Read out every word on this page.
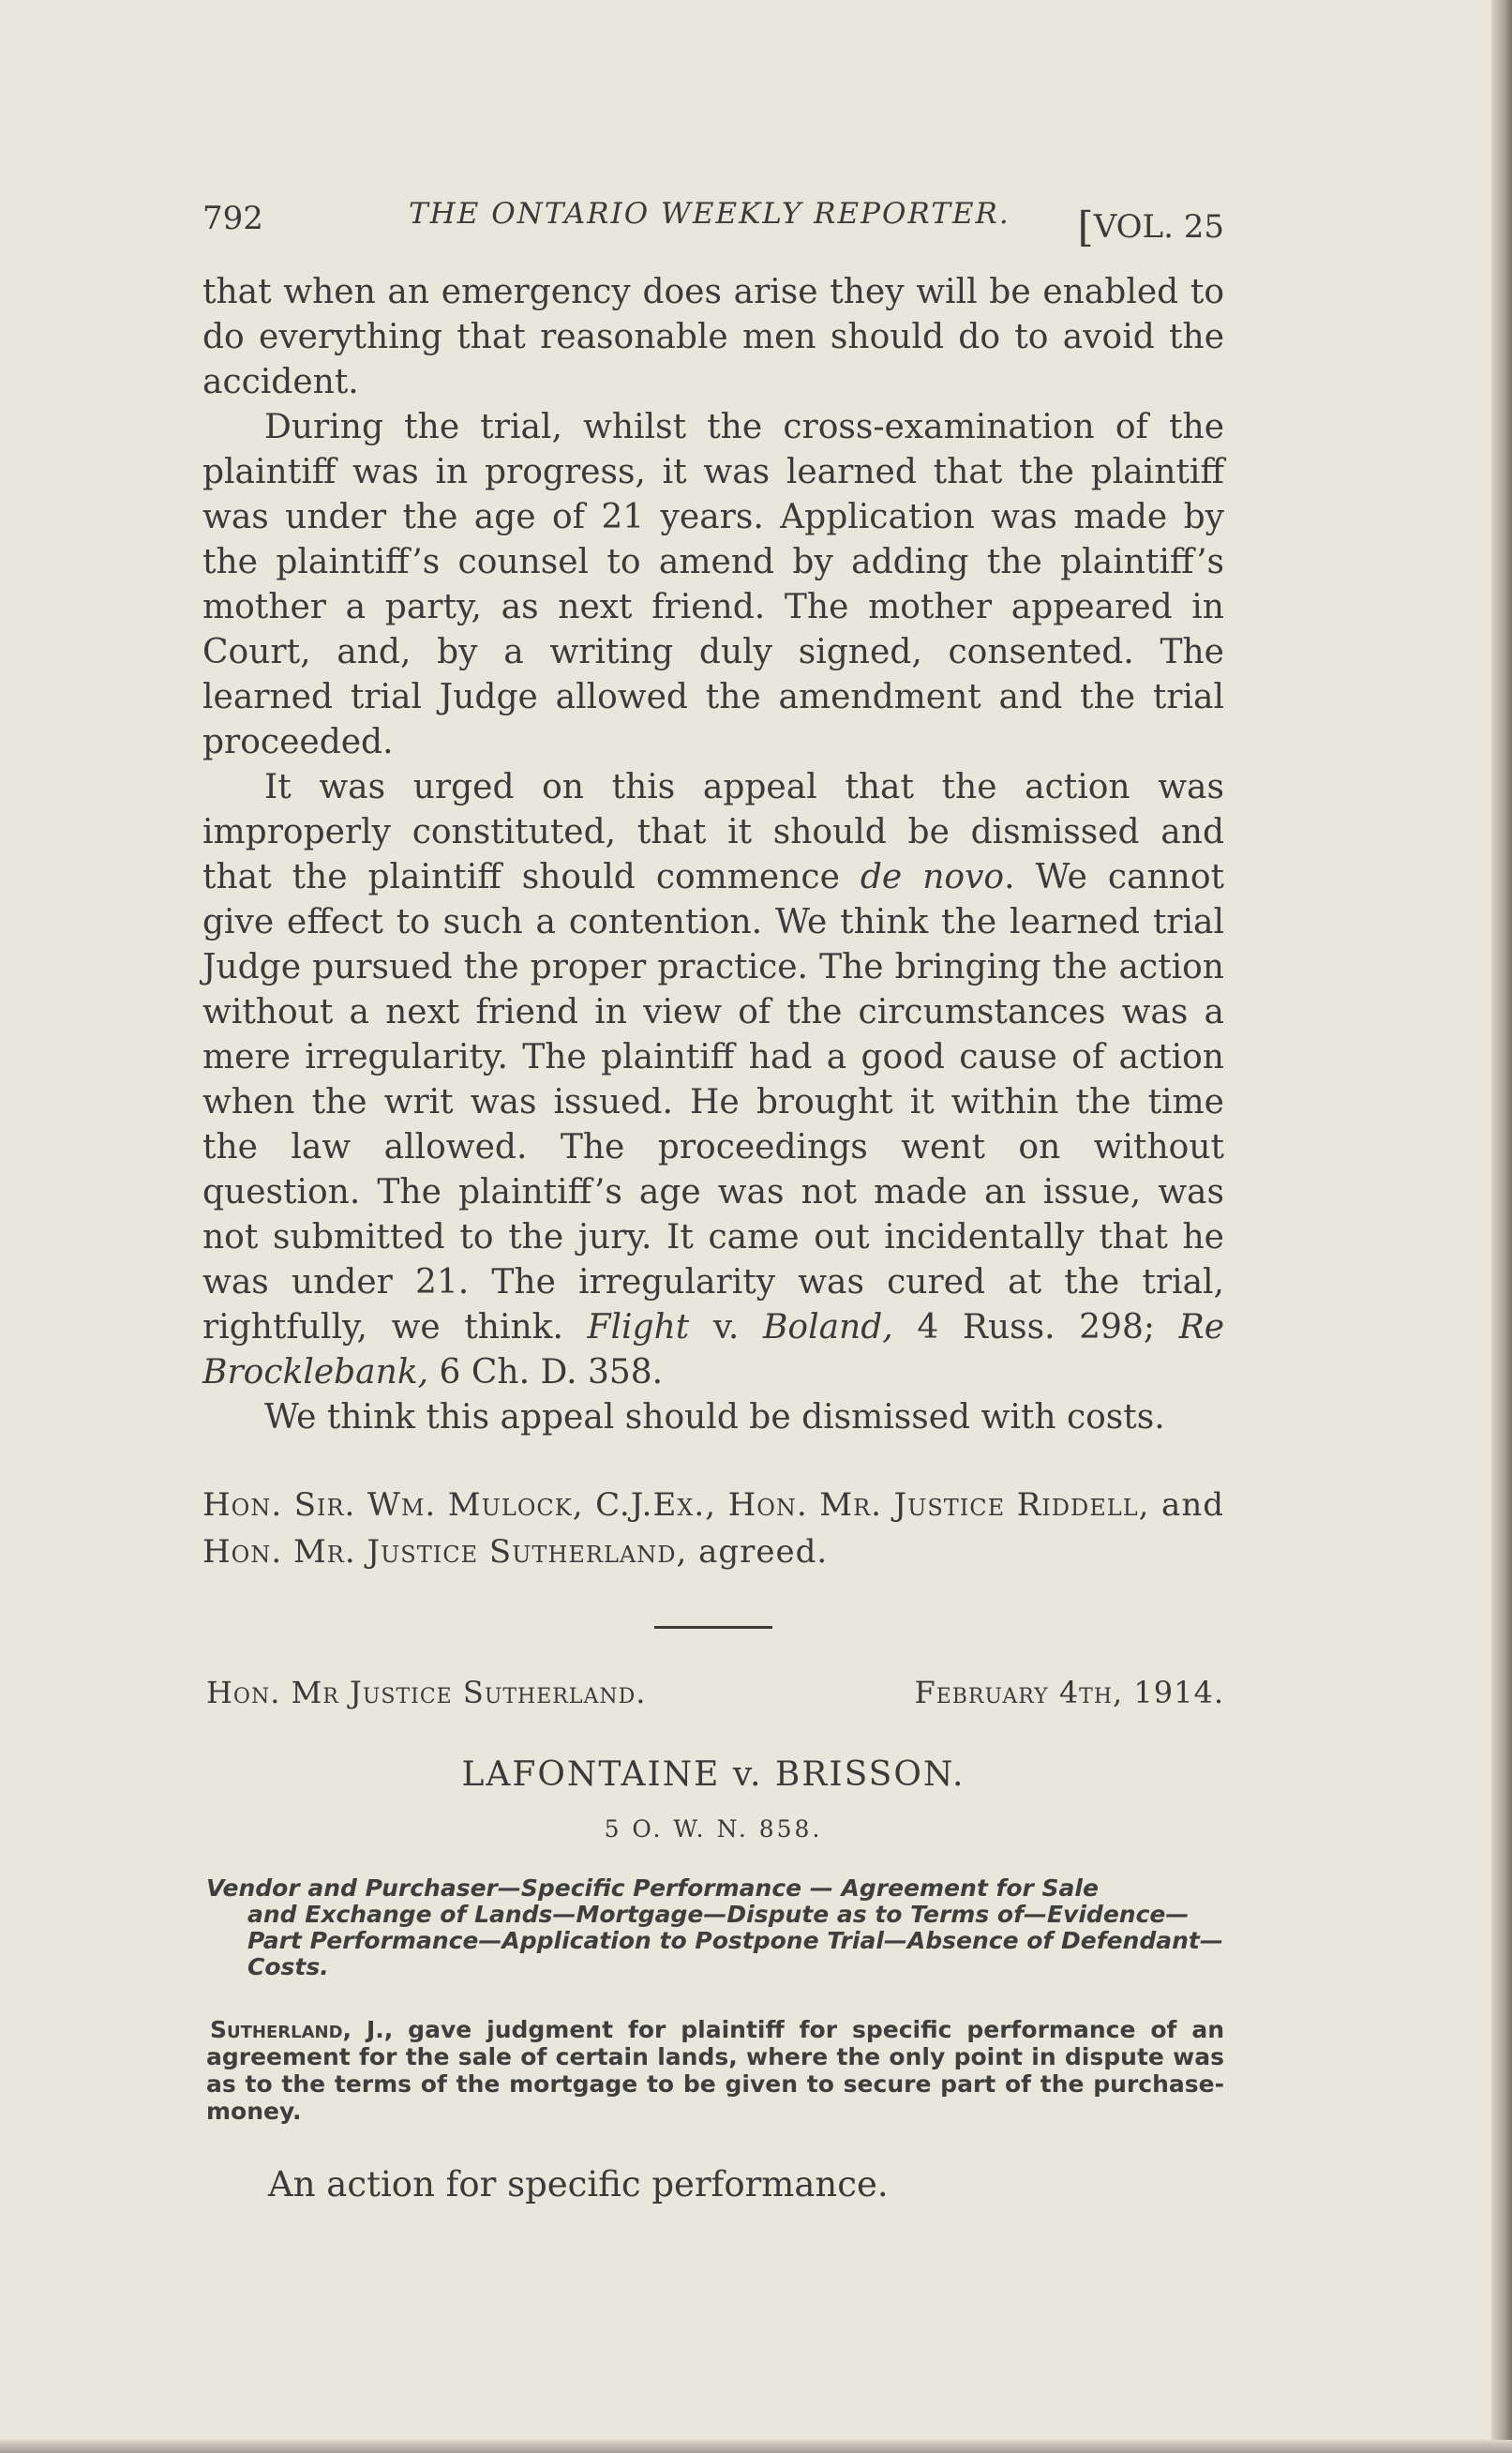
792	THE ONTARIO WEEKLY REPORTER. [VOL. 25

that when an emergency does arise they will be enabled to do everything that reasonable men should do to avoid the accident.

During the trial, whilst the cross-examination of the plaintiff was in progress, it was learned that the plaintiff was under the age of 21 years. Application was made by the plaintiff’s counsel to amend by adding the plaintiff’s mother a party, as next friend. The mother appeared in Court, and, by a writing duly signed, consented. The learned trial Judge allowed the amendment and the trial proceeded.

It was urged on this appeal that the action was improperly constituted, that it should be dismissed and that the plaintiff should commence de novo. We cannot give effect to such a contention. We think the learned trial Judge pursued the proper practice. The bringing the action without a next friend in view of the circumstances was a mere irregularity. The plaintiff had a good cause of action when the writ was issued. He brought it within the time the law allowed. The proceedings went on without question. The plaintiff’s age was not made an issue, was not submitted to the jury. It came out incidentally that he was under 21. The irregularity was cured at the trial, rightfully, we think. Flight v. Boland, 4 Russ. 298; Re Brocklebank, 6 Ch. D. 358.

We think this appeal should be dismissed with costs.

Hon. Sir. Wm. Mulock, C.J.Ex., Hon. Mr. Justice Riddell, and Hon. Mr. Justice Sutherland, agreed.
Hon. Mr Justice Sutherland.	February 4th, 1914.
LAFONTAINE v. BRISSON.
5 O. W. N. 858.
Vendor and Purchaser—Specific Performance — Agreement for Sale
and Exchange of Lands—Mortgage—Dispute as to Terms of—Evidence—Part Performance—Application to Postpone Trial—Absence of Defendant—Costs.

Sutherland, J., gave judgment for plaintiff for specific performance of an agreement for the sale of certain lands, where the only point in dispute was as to the terms of the mortgage to be given to secure part of the purchase-money.

An action for specific performance.
